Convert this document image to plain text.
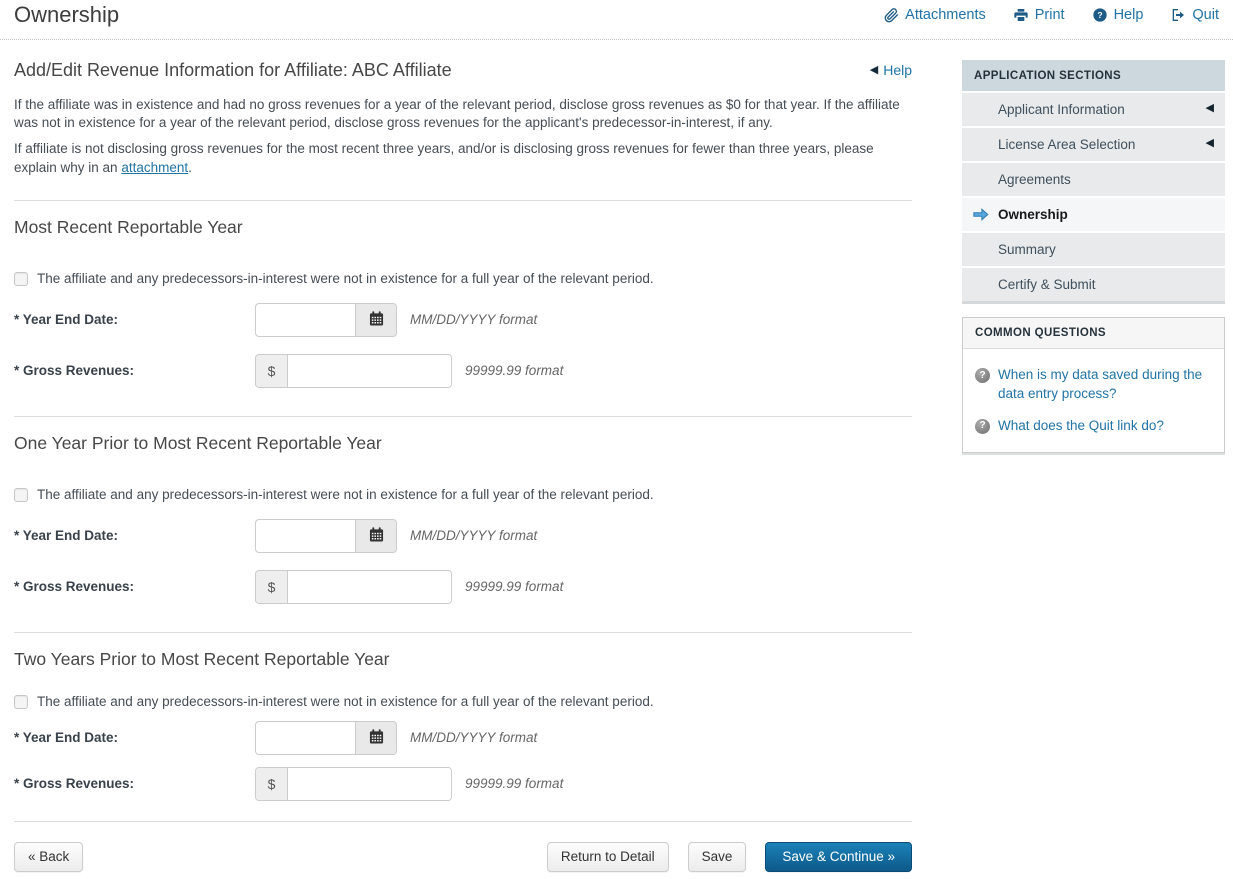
Ownership	Attachments	Print ? Help	Quit
Add/Edit Revenue Information for Affiliate: ABC Affiliate	◀ Help

If the affiliate was in existence and had no gross revenues for a year of the relevant period, disclose gross revenues as $0 for that year. If the affiliate was not in existence for a year of the relevant period, disclose gross revenues for the applicant's predecessor-in-interest, if any.

If affiliate is not disclosing gross revenues for the most recent three years, and/or is disclosing gross revenues for fewer than three years, please explain why in an attachment.

Most Recent Reportable Year
The affiliate and any predecessors-in-interest were not in existence for a full year of the relevant period.
* Year End Date:	MM/DD/YYYY format
* Gross Revenues:	$	99999.99 format
One Year Prior to Most Recent Reportable Year
The affiliate and any predecessors-in-interest were not in existence for a full year of the relevant period.
* Year End Date:	MM/DD/YYYY format
* Gross Revenues:	$	99999.99 format
Two Years Prior to Most Recent Reportable Year
The affiliate and any predecessors-in-interest were not in existence for a full year of the relevant period.
* Year End Date:	MM/DD/YYYY format
* Gross Revenues:	$	99999.99 format
« Back	Return to Detail	Save	Save & Continue »
APPLICATION SECTIONS
Applicant Information	◀
License Area Selection	◀
Agreements
Ownership
Summary
Certify & Submit
COMMON QUESTIONS
? When is my data saved during the data entry process?
? What does the Quit link do?
